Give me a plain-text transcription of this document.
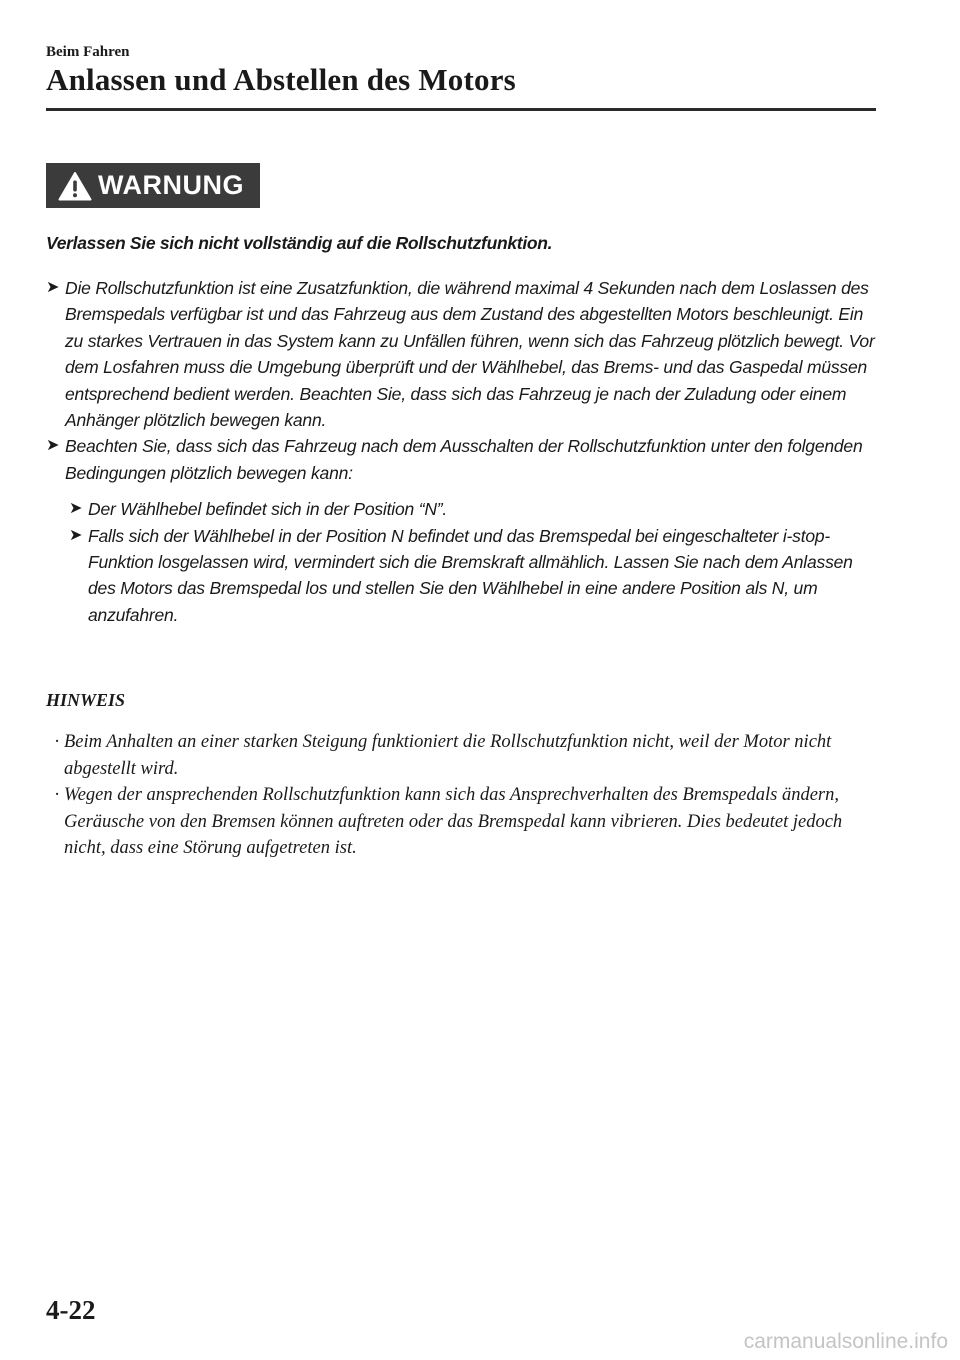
Beim Fahren
Anlassen und Abstellen des Motors
WARNUNG
Verlassen Sie sich nicht vollständig auf die Rollschutzfunktion.
➤ Die Rollschutzfunktion ist eine Zusatzfunktion, die während maximal 4 Sekunden nach dem Loslassen des Bremspedals verfügbar ist und das Fahrzeug aus dem Zustand des abgestellten Motors beschleunigt. Ein zu starkes Vertrauen in das System kann zu Unfällen führen, wenn sich das Fahrzeug plötzlich bewegt. Vor dem Losfahren muss die Umgebung überprüft und der Wählhebel, das Brems- und das Gaspedal müssen entsprechend bedient werden. Beachten Sie, dass sich das Fahrzeug je nach der Zuladung oder einem Anhänger plötzlich bewegen kann.
➤ Beachten Sie, dass sich das Fahrzeug nach dem Ausschalten der Rollschutzfunktion unter den folgenden Bedingungen plötzlich bewegen kann:
➤ Der Wählhebel befindet sich in der Position “N”.
➤ Falls sich der Wählhebel in der Position N befindet und das Bremspedal bei eingeschalteter i-stop-Funktion losgelassen wird, vermindert sich die Bremskraft allmählich. Lassen Sie nach dem Anlassen des Motors das Bremspedal los und stellen Sie den Wählhebel in eine andere Position als N, um anzufahren.
HINWEIS
· Beim Anhalten an einer starken Steigung funktioniert die Rollschutzfunktion nicht, weil der Motor nicht abgestellt wird.
· Wegen der ansprechenden Rollschutzfunktion kann sich das Ansprechverhalten des Bremspedals ändern, Geräusche von den Bremsen können auftreten oder das Bremspedal kann vibrieren. Dies bedeutet jedoch nicht, dass eine Störung aufgetreten ist.
4-22
carmanualsonline.info
